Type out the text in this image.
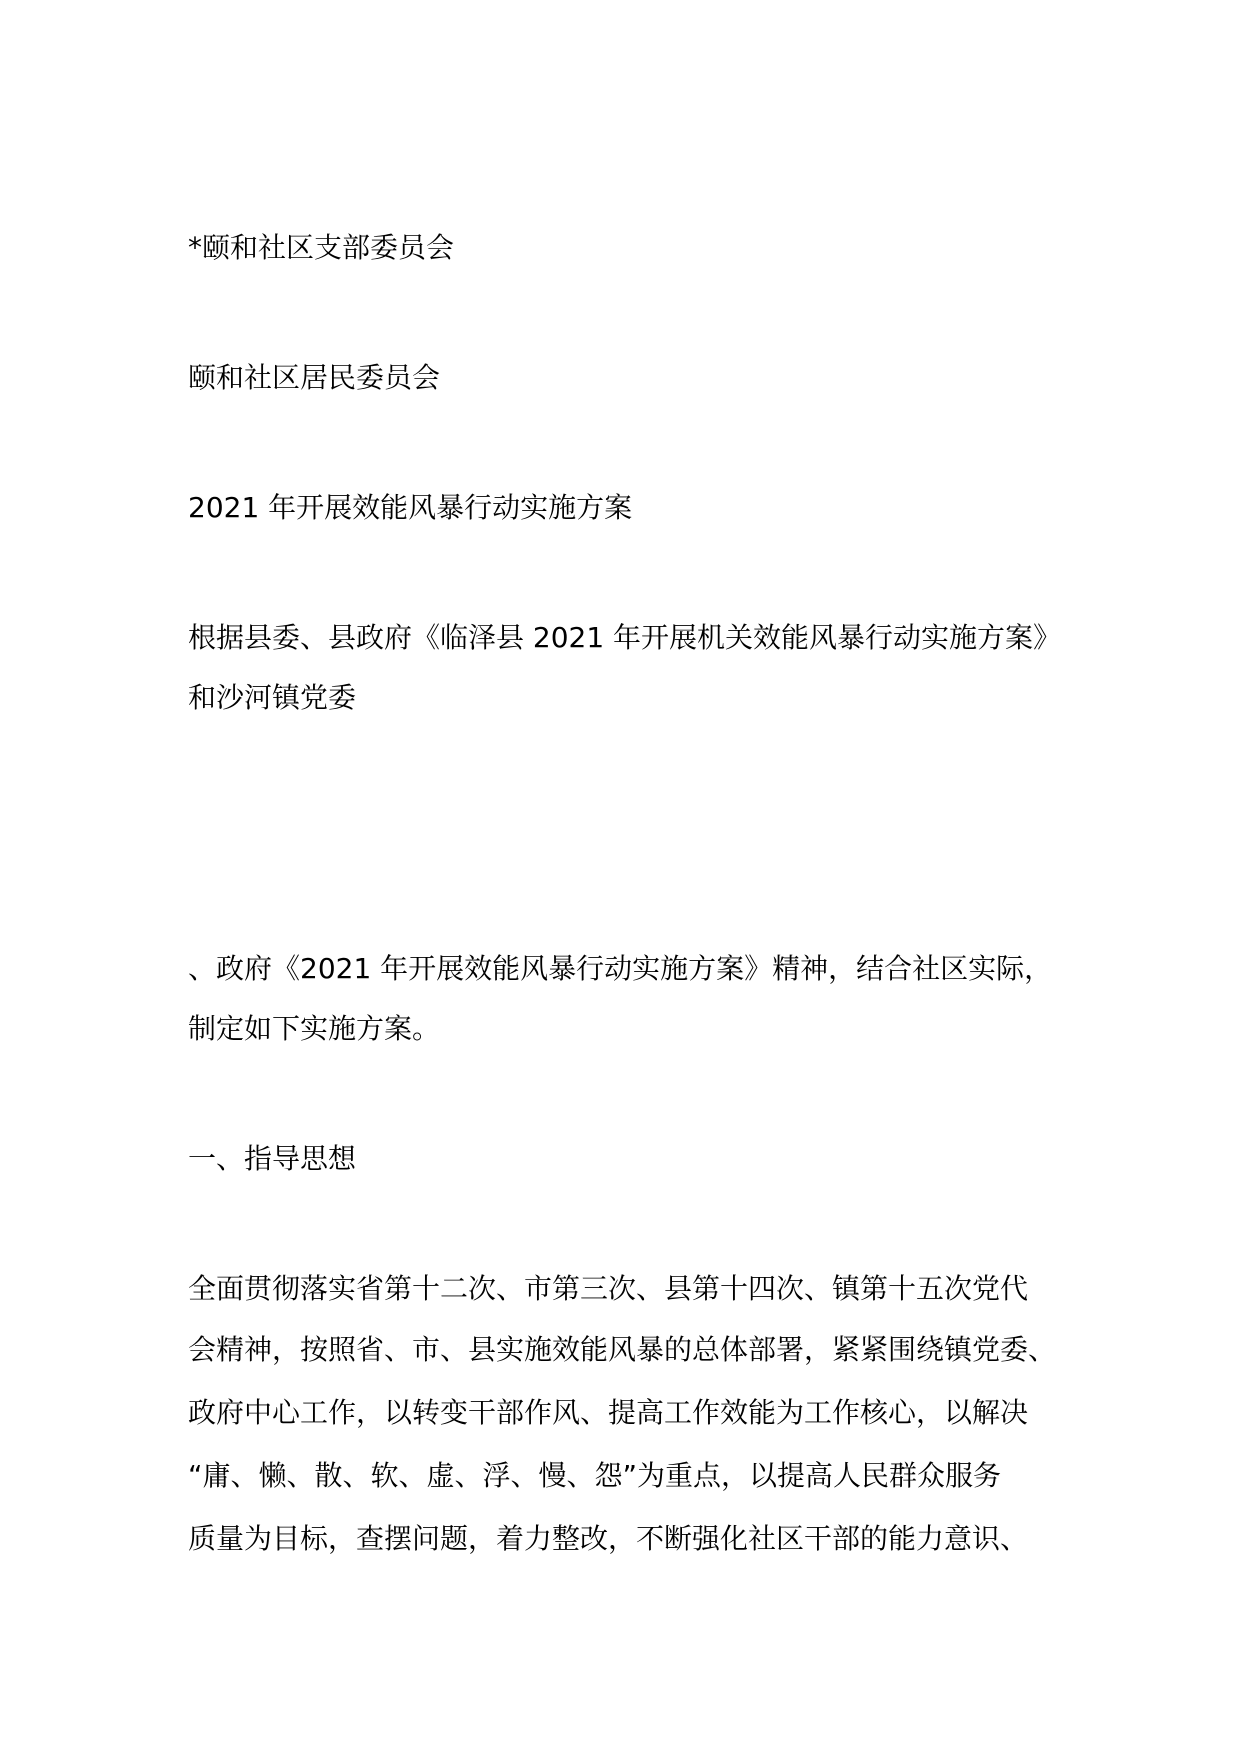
*颐和社区支部委员会
颐和社区居民委员会
2021 年开展效能风暴行动实施方案
根据县委、县政府《临泽县 2021 年开展机关效能风暴行动实施方案》
和沙河镇党委
、政府《2021 年开展效能风暴行动实施方案》精神，结合社区实际，
制定如下实施方案。
一、指导思想
全面贯彻落实省第十二次、市第三次、县第十四次、镇第十五次党代
会精神，按照省、市、县实施效能风暴的总体部署，紧紧围绕镇党委、
政府中心工作，以转变干部作风、提高工作效能为工作核心，以解决
“庸、懒、散、软、虚、浮、慢、怨”为重点，以提高人民群众服务
质量为目标，查摆问题，着力整改，不断强化社区干部的能力意识、
